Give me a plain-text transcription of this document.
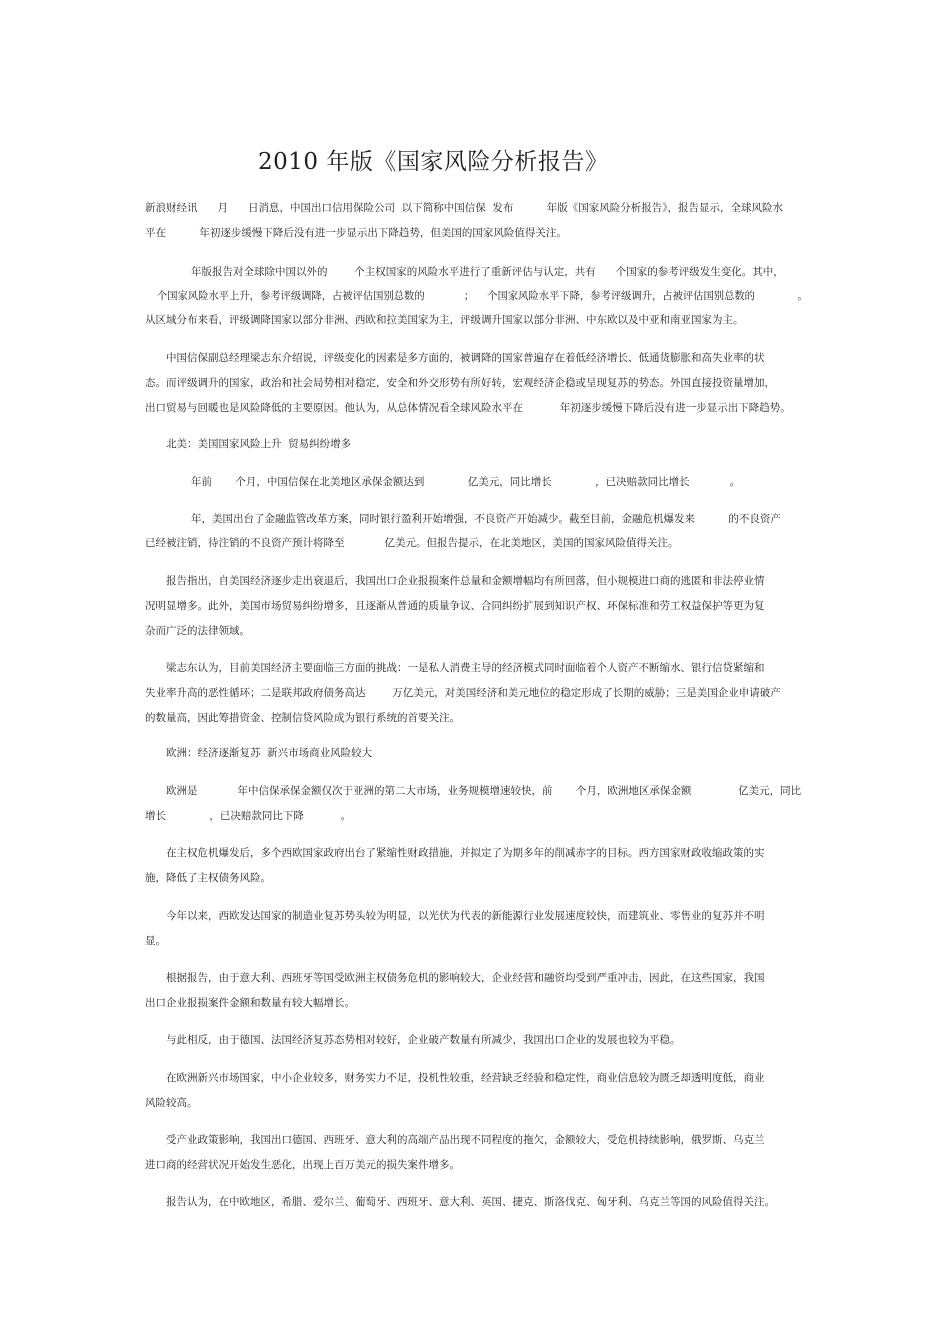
2010 年版《国家风险分析报告》

新浪财经讯      月      日消息，中国出口信用保险公司  以下简称中国信保  发布          年版《国家风险分析报告》，报告显示，全球风险水

平在          年初逐步缓慢下降后没有进一步显示出下降趋势，但美国的国家风险值得关注。

年版报告对全球除中国以外的        个主权国家的风险水平进行了重新评估与认定，共有      个国家的参考评级发生变化。其中，

个国家风险水平上升，参考评级调降，占被评估国别总数的            ；    个国家风险水平下降，参考评级调升，占被评估国别总数的             。

从区域分布来看，评级调降国家以部分非洲、西欧和拉美国家为主，评级调升国家以部分非洲、中东欧以及中亚和南亚国家为主。

中国信保副总经理梁志东介绍说，评级变化的因素是多方面的，被调降的国家普遍存在着低经济增长、低通货膨胀和高失业率的状

态。而评级调升的国家，政治和社会局势相对稳定，安全和外交形势有所好转，宏观经济企稳或呈现复苏的势态。外国直接投资量增加，

出口贸易与回暖也是风险降低的主要原因。他认为，从总体情况看全球风险水平在           年初逐步缓慢下降后没有进一步显示出下降趋势。

北美：美国国家风险上升  贸易纠纷增多

年前       个月，中国信保在北美地区承保金额达到             亿美元，同比增长             ，已决赔款同比增长            。

年，美国出台了金融监管改革方案，同时银行盈利开始增强，不良资产开始减少。截至目前，金融危机爆发来          的不良资产

已经被注销，待注销的不良资产预计将降至            亿美元。但报告提示，在北美地区，美国的国家风险值得关注。

报告指出，自美国经济逐步走出衰退后，我国出口企业报损案件总量和金额增幅均有所回落，但小规模进口商的逃匿和非法停业情

况明显增多。此外，美国市场贸易纠纷增多，且逐渐从普通的质量争议、合同纠纷扩展到知识产权、环保标准和劳工权益保护等更为复

杂而广泛的法律领域。

梁志东认为，目前美国经济主要面临三方面的挑战：一是私人消费主导的经济模式同时面临着个人资产不断缩水、银行信贷紧缩和

失业率升高的恶性循环；二是联邦政府债务高达        万亿美元，对美国经济和美元地位的稳定形成了长期的威胁；三是美国企业申请破产

的数量高，因此筹措资金、控制信贷风险成为银行系统的首要关注。

欧洲：经济逐渐复苏  新兴市场商业风险较大

欧洲是            年中信保承保金额仅次于亚洲的第二大市场，业务规模增速较快，前       个月，欧洲地区承保金额              亿美元，同比

增长             ，已决赔款同比下降           。

在主权危机爆发后，多个西欧国家政府出台了紧缩性财政措施，并拟定了为期多年的削减赤字的目标。西方国家财政收缩政策的实

施，降低了主权债务风险。

今年以来，西欧发达国家的制造业复苏势头较为明显，以光伏为代表的新能源行业发展速度较快，而建筑业、零售业的复苏并不明

显。

根据报告，由于意大利、西班牙等国受欧洲主权债务危机的影响较大，企业经营和融资均受到严重冲击，因此，在这些国家，我国

出口企业报损案件金额和数量有较大幅增长。

与此相反，由于德国、法国经济复苏态势相对较好，企业破产数量有所减少，我国出口企业的发展也较为平稳。

在欧洲新兴市场国家，中小企业较多，财务实力不足，投机性较重，经营缺乏经验和稳定性，商业信息较为匮乏却透明度低，商业

风险较高。

受产业政策影响，我国出口德国、西班牙、意大利的高端产品出现不同程度的拖欠，金额较大，受危机持续影响，俄罗斯、乌克兰

进口商的经营状况开始发生恶化，出现上百万美元的损失案件增多。

报告认为，在中欧地区，希腊、爱尔兰、葡萄牙、西班牙、意大利、英国、捷克、斯洛伐克、匈牙利、乌克兰等国的风险值得关注。
